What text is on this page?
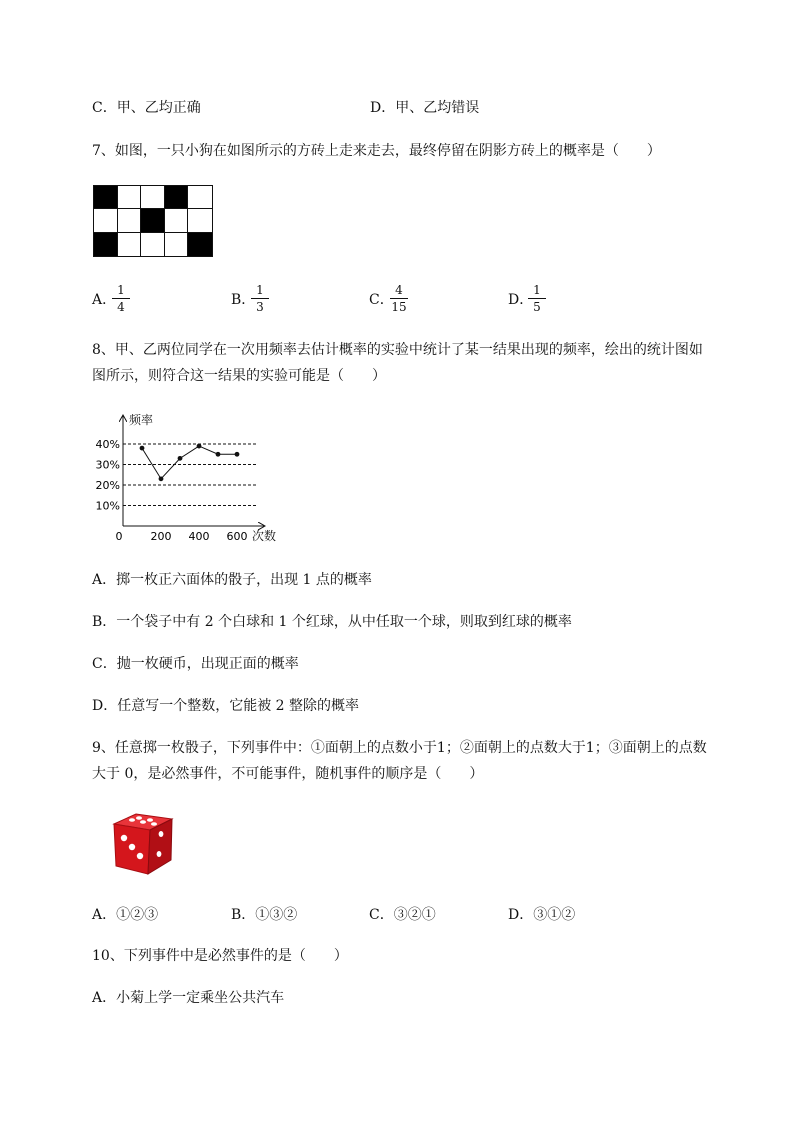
C．甲、乙均正确	D．甲、乙均错误
7、如图，一只小狗在如图所示的方砖上走来走去，最终停留在阴影方砖上的概率是（　　）
A．
1
4	B．
1
3	C．
4
15	D．
1
5
8、甲、乙两位同学在一次用频率去估计概率的实验中统计了某一结果出现的频率，绘出的统计图如
图所示，则符合这一结果的实验可能是（　　）
10%
20%
30%
40%
0	200 400 600
频率
次数
A．掷一枚正六面体的骰子，出现 1 点的概率
B．一个袋子中有 2 个白球和 1 个红球，从中任取一个球，则取到红球的概率
C．抛一枚硬币，出现正面的概率
D．任意写一个整数，它能被 2 整除的概率
9、任意掷一枚骰子，下列事件中：①面朝上的点数小于1；②面朝上的点数大于1；③面朝上的点数
大于 0，是必然事件，不可能事件，随机事件的顺序是（　　）
A．①②③	B．①③②	C．③②①	D．③①②
10、下列事件中是必然事件的是（　　）
A．小菊上学一定乘坐公共汽车
